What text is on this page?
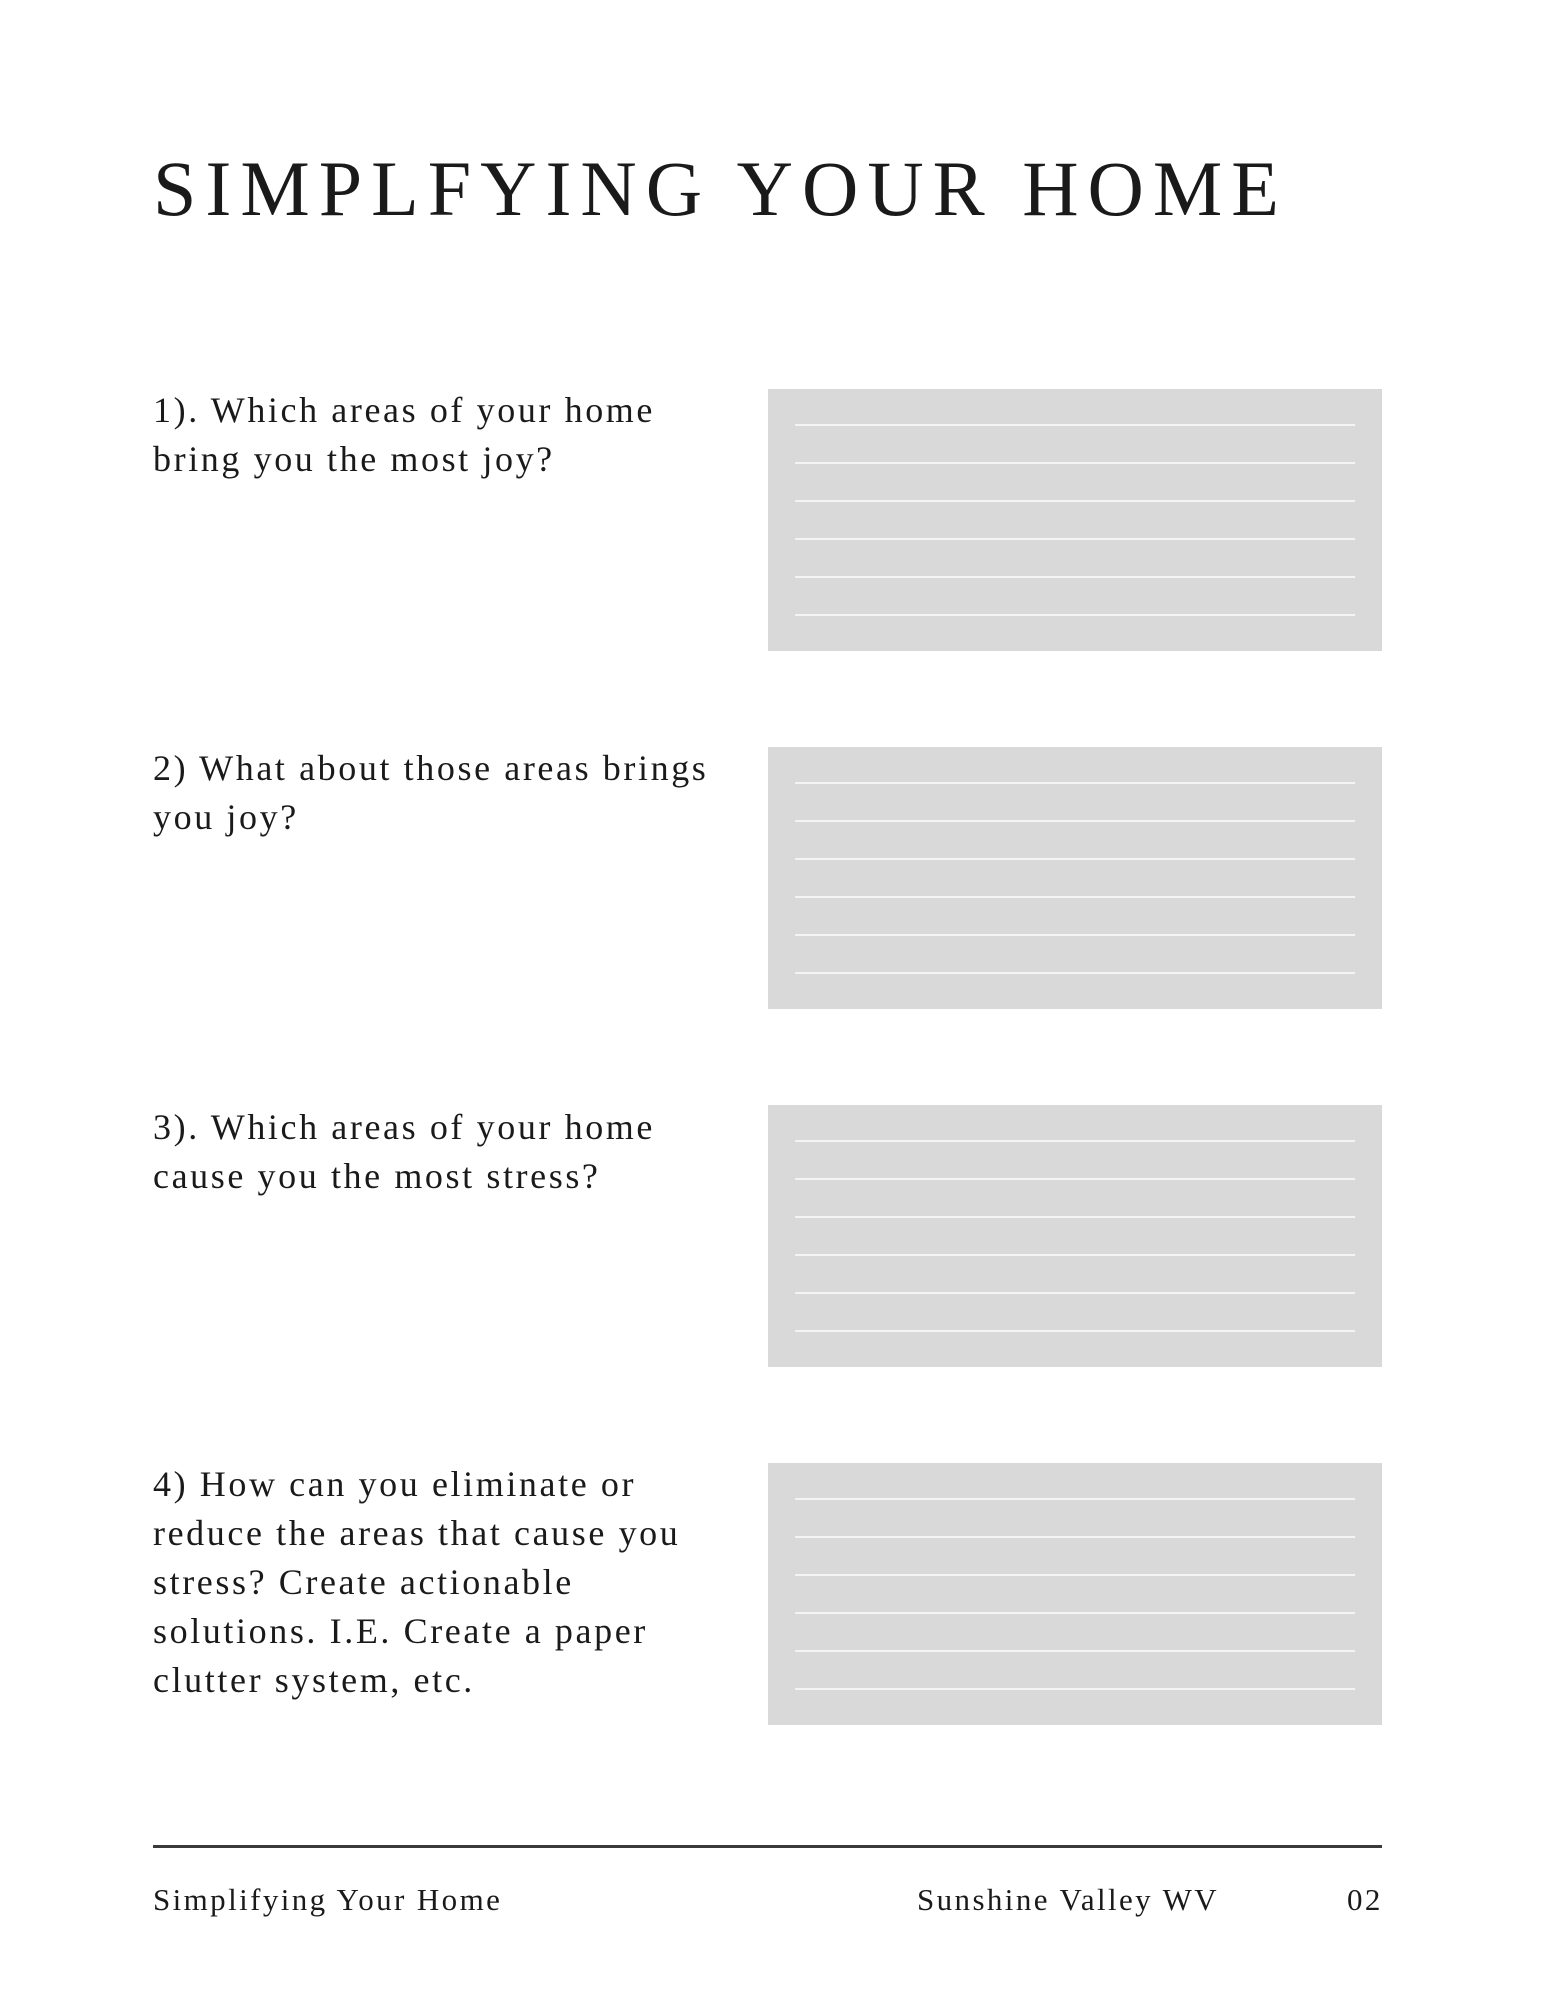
SIMPLFYING YOUR HOME

1). Which areas of your home bring you the most joy?

2) What about those areas brings you joy?

3). Which areas of your home cause you the most stress?

4) How can you eliminate or reduce the areas that cause you stress? Create actionable solutions. I.E. Create a paper clutter system, etc.

Simplifying Your Home	Sunshine Valley WV	02
